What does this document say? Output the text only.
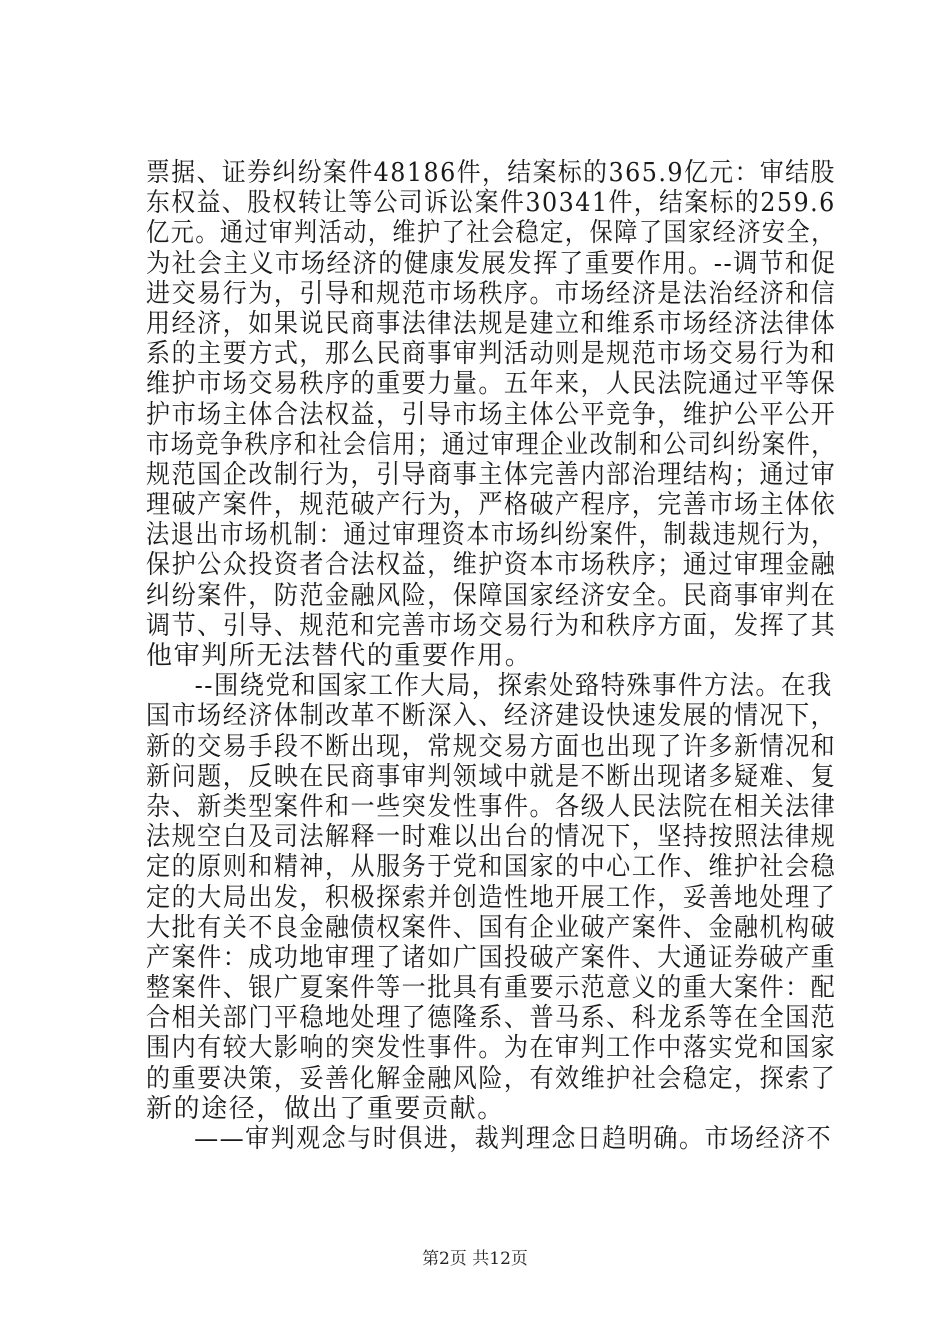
票据、证券纠纷案件48186件，结案标的365.9亿元：审结股
东权益、股权转让等公司诉讼案件30341件，结案标的259.6
亿元。通过审判活动，维护了社会稳定，保障了国家经济安全，
为社会主义市场经济的健康发展发挥了重要作用。--调节和促
进交易行为，引导和规范市场秩序。市场经济是法治经济和信
用经济，如果说民商事法律法规是建立和维系市场经济法律体
系的主要方式，那么民商事审判活动则是规范市场交易行为和
维护市场交易秩序的重要力量。五年来，人民法院通过平等保
护市场主体合法权益，引导市场主体公平竞争，维护公平公开
市场竞争秩序和社会信用；通过审理企业改制和公司纠纷案件，
规范国企改制行为，引导商事主体完善内部治理结构；通过审
理破产案件，规范破产行为，严格破产程序，完善市场主体依
法退出市场机制：通过审理资本市场纠纷案件，制裁违规行为，
保护公众投资者合法权益，维护资本市场秩序；通过审理金融
纠纷案件，防范金融风险，保障国家经济安全。民商事审判在
调节、引导、规范和完善市场交易行为和秩序方面，发挥了其
他审判所无法替代的重要作用。
--围绕党和国家工作大局，探索处臵特殊事件方法。在我
国市场经济体制改革不断深入、经济建设快速发展的情况下，
新的交易手段不断出现，常规交易方面也出现了许多新情况和
新问题，反映在民商事审判领域中就是不断出现诸多疑难、复
杂、新类型案件和一些突发性事件。各级人民法院在相关法律
法规空白及司法解释一时难以出台的情况下，坚持按照法律规
定的原则和精神，从服务于党和国家的中心工作、维护社会稳
定的大局出发，积极探索并创造性地开展工作，妥善地处理了
大批有关不良金融债权案件、国有企业破产案件、金融机构破
产案件：成功地审理了诸如广国投破产案件、大通证券破产重
整案件、银广夏案件等一批具有重要示范意义的重大案件：配
合相关部门平稳地处理了德隆系、普马系、科龙系等在全国范
围内有较大影响的突发性事件。为在审判工作中落实党和国家
的重要决策，妥善化解金融风险，有效维护社会稳定，探索了
新的途径，做出了重要贡献。
——审判观念与时俱进，裁判理念日趋明确。市场经济不
第2页 共12页
